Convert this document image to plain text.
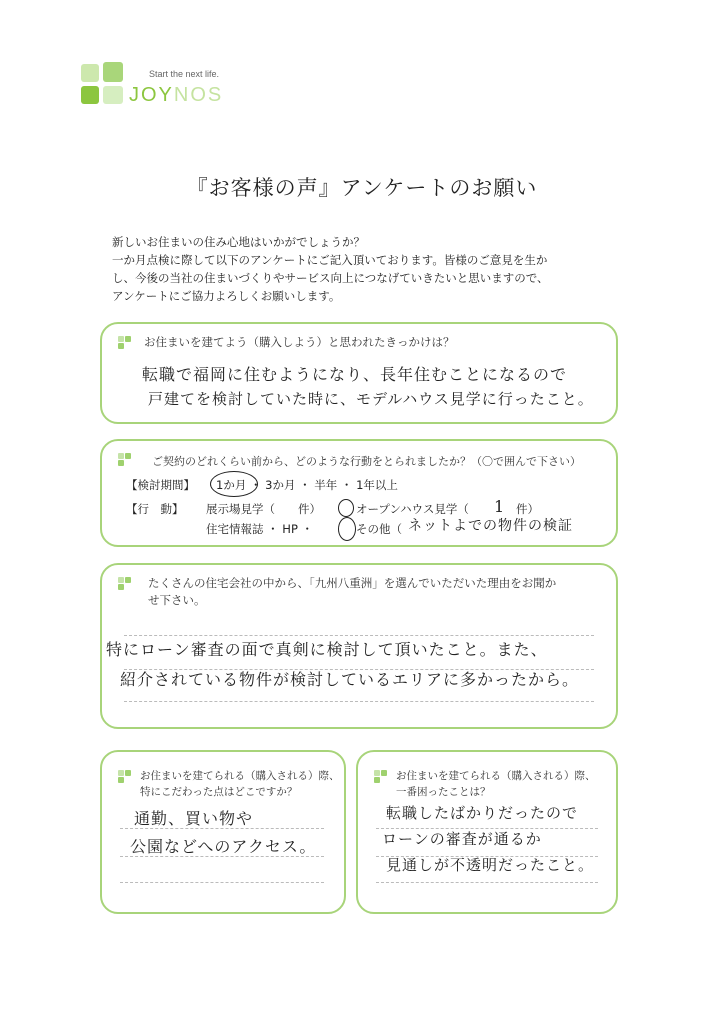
Start the next life.
JOYNOS
『お客様の声』アンケートのお願い
新しいお住まいの住み心地はいかがでしょうか？
一か月点検に際して以下のアンケートにご記入頂いております。皆様のご意見を生か
し、今後の当社の住まいづくりやサービス向上につなげていきたいと思いますので、
アンケートにご協力よろしくお願いします。
お住まいを建てよう（購入しよう）と思われたきっかけは？
転職で福岡に住むようになり、長年住むことになるので
戸建てを検討していた時に、モデルハウス見学に行ったこと。
ご契約のどれくらい前から、どのような行動をとられましたか？（〇で囲んで下さい）
【検討期間】 1か月 ・ 3か月 ・ 半年 ・ 1年以上
【行　動】 展示場見学（　　件）	オープンハウス見学（ 1 件）
住宅情報誌 ・ HP ・	その他（ ネットよでの物件の検証
たくさんの住宅会社の中から、「九州八重洲」を選んでいただいた理由をお聞か
せ下さい。
特にローン審査の面で真剣に検討して頂いたこと。また、
紹介されている物件が検討しているエリアに多かったから。
お住まいを建てられる（購入される）際、
特にこだわった点はどこですか？
通勤、買い物や
公園などへのアクセス。
お住まいを建てられる（購入される）際、
一番困ったことは？
転職したばかりだったので
ローンの審査が通るか
見通しが不透明だったこと。
